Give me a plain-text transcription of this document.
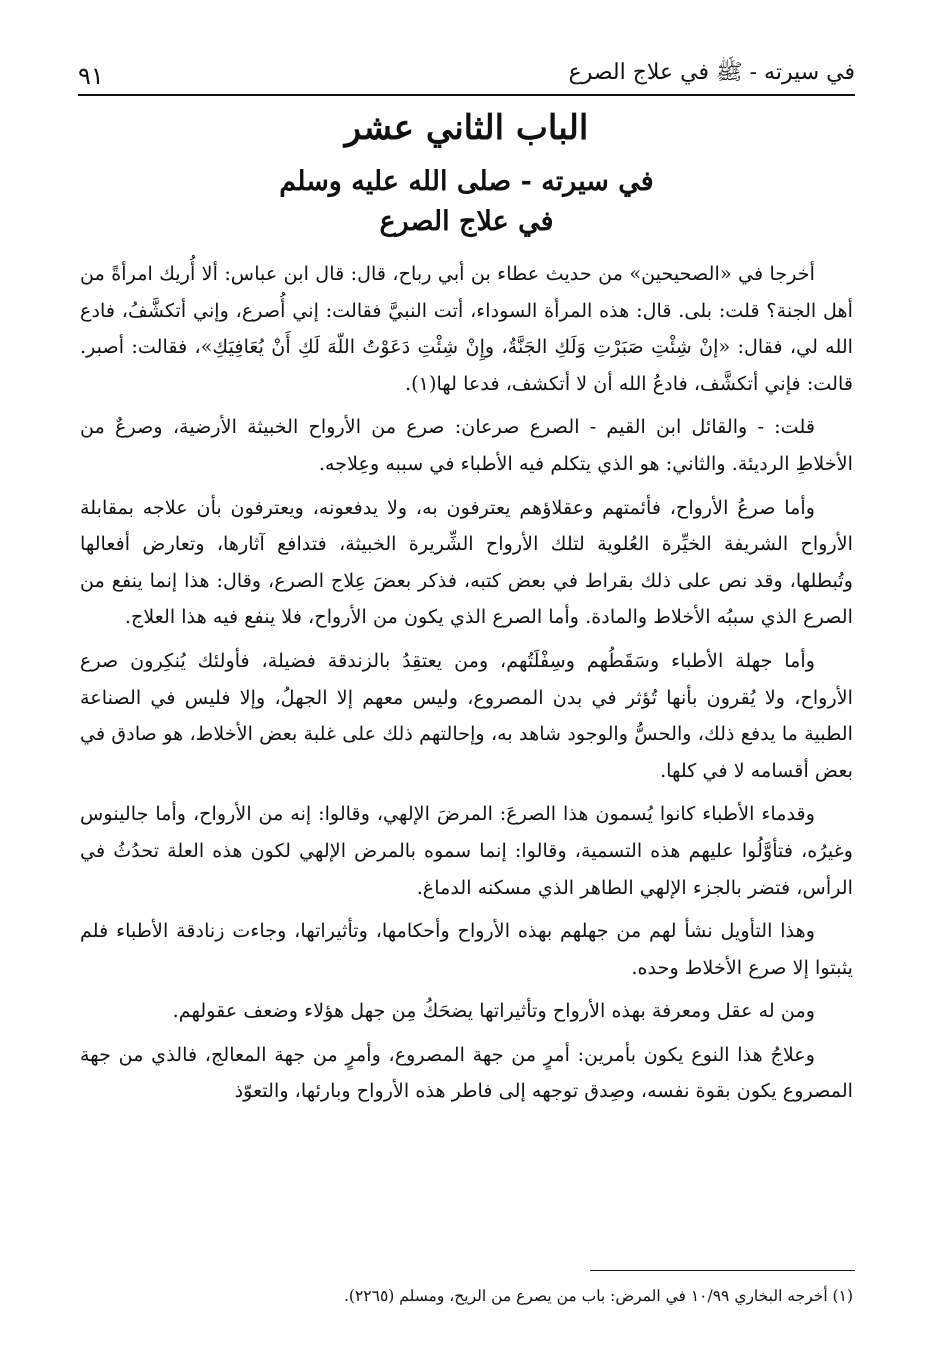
في سيرته - ﷺ في علاج الصرع
٩١
الباب الثاني عشر
في سيرته - صلى الله عليه وسلم
في علاج الصرع

أخرجا في «الصحيحين» من حديث عطاء بن أبي رباح، قال: قال ابن عباس: ألا أُريك امرأةً من أهل الجنة؟ قلت: بلى. قال: هذه المرأة السوداء، أتت النبيَّ فقالت: إني أُصرع، وإني أتكشَّفُ، فادع الله لي، فقال: «إنْ شِئْتِ صَبَرْتِ وَلَكِ الجَنَّةُ، وإِنْ شِئْتِ دَعَوْتُ اللّهَ لَكِ أَنْ يُعَافِيَكِ»، فقالت: أصبر. قالت: فإني أتكشَّف، فادعُ الله أن لا أتكشف، فدعا لها(١).

قلت: - والقائل ابن القيم - الصرع صرعان: صرع من الأرواح الخبيثة الأرضية، وصرعٌ من الأخلاطِ الرديئة. والثاني: هو الذي يتكلم فيه الأطباء في سببه وعِلاجه.

وأما صرعُ الأرواح، فأئمتهم وعقلاؤهم يعترفون به، ولا يدفعونه، ويعترفون بأن علاجه بمقابلة الأرواح الشريفة الخيِّرة العُلوية لتلك الأرواح الشِّريرة الخبيثة، فتدافع آثارها، وتعارض أفعالها وتُبطلها، وقد نص على ذلك بقراط في بعض كتبه، فذكر بعضَ عِلاج الصرع، وقال: هذا إنما ينفع من الصرع الذي سببُه الأخلاط والمادة. وأما الصرع الذي يكون من الأرواح، فلا ينفع فيه هذا العلاج.

وأما جهلة الأطباء وسَقَطُهم وسِفْلَتُهم، ومن يعتقِدُ بالزندقة فضيلة، فأولئك يُنكِرون صرع الأرواح، ولا يُقرون بأنها تُؤثر في بدن المصروع، وليس معهم إلا الجهلُ، وإلا فليس في الصناعة الطبية ما يدفع ذلك، والحسُّ والوجود شاهد به، وإحالتهم ذلك على غلبة بعض الأخلاط، هو صادق في بعض أقسامه لا في كلها.

وقدماء الأطباء كانوا يُسمون هذا الصرعَ: المرضَ الإلهي، وقالوا: إنه من الأرواح، وأما جالينوس وغيرُه، فتأوَّلُوا عليهم هذه التسمية، وقالوا: إنما سموه بالمرض الإلهي لكون هذه العلة تحدُثُ في الرأس، فتضر بالجزء الإلهي الطاهر الذي مسكنه الدماغ.

وهذا التأويل نشأ لهم من جهلهم بهذه الأرواح وأحكامها، وتأثيراتها، وجاءت زنادقة الأطباء فلم يثبتوا إلا صرع الأخلاط وحده.

ومن له عقل ومعرفة بهذه الأرواح وتأثيراتها يضحَكُ مِن جهل هؤلاء وضعف عقولهم.

وعلاجُ هذا النوع يكون بأمرين: أمرٍ من جهة المصروع، وأمرٍ من جهة المعالج، فالذي من جهة المصروع يكون بقوة نفسه، وصِدق توجهه إلى فاطر هذه الأرواح وبارئها، والتعوّذ

(١) أخرجه البخاري ١٠/٩٩ في المرض: باب من يصرع من الريح، ومسلم (٢٢٦٥).
